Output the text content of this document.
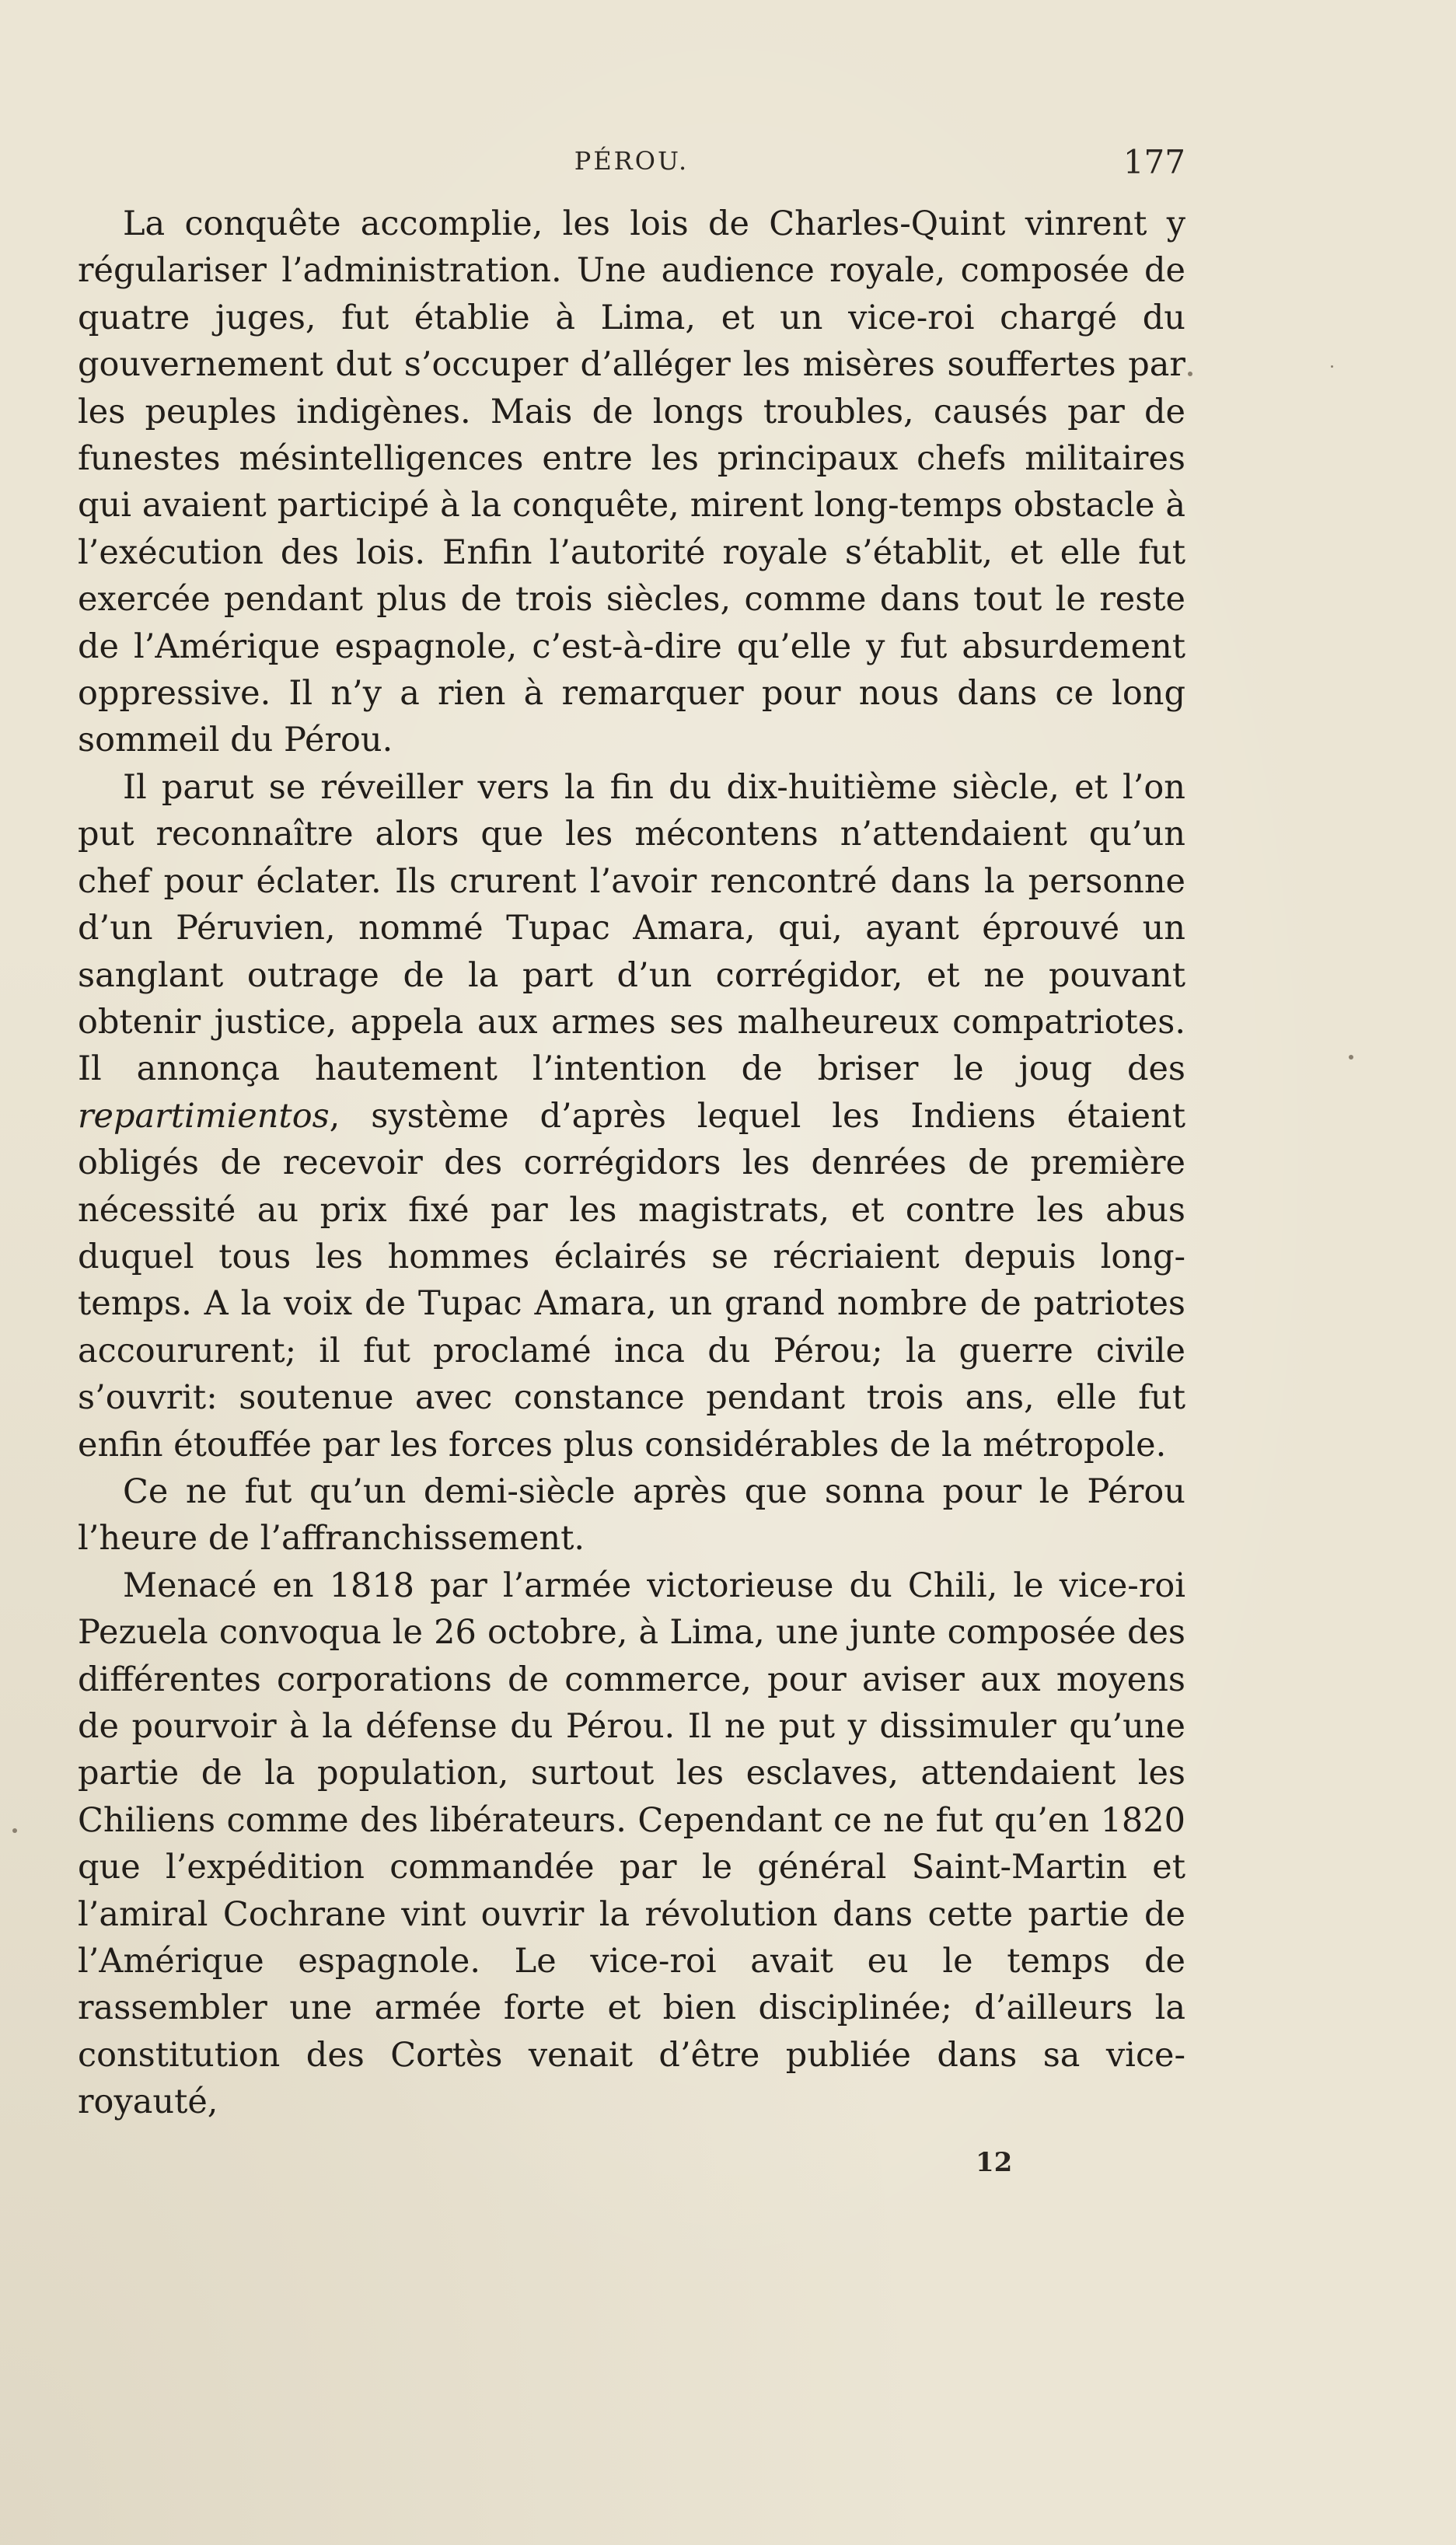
PÉROU.	177

La conquête accomplie, les lois de Charles-Quint vinrent y régulariser l’administration. Une audience royale, composée de quatre juges, fut établie à Lima, et un vice-roi chargé du gouvernement dut s’occuper d’alléger les misères souffertes par les peuples indigènes. Mais de longs troubles, causés par de funestes mésintelligences entre les principaux chefs militaires qui avaient participé à la conquête, mirent long-temps obstacle à l’exécution des lois. Enfin l’autorité royale s’établit, et elle fut exercée pendant plus de trois siècles, comme dans tout le reste de l’Amérique espagnole, c’est-à-dire qu’elle y fut absurdement oppressive. Il n’y a rien à remarquer pour nous dans ce long sommeil du Pérou.

Il parut se réveiller vers la fin du dix-huitième siècle, et l’on put reconnaître alors que les mécontens n’attendaient qu’un chef pour éclater. Ils crurent l’avoir rencontré dans la personne d’un Péruvien, nommé Tupac Amara, qui, ayant éprouvé un sanglant outrage de la part d’un corrégidor, et ne pouvant obtenir justice, appela aux armes ses malheureux compatriotes. Il annonça hautement l’intention de briser le joug des repartimientos, système d’après lequel les Indiens étaient obligés de recevoir des corrégidors les denrées de première nécessité au prix fixé par les magistrats, et contre les abus duquel tous les hommes éclairés se récriaient depuis long-temps. A la voix de Tupac Amara, un grand nombre de patriotes accoururent; il fut proclamé inca du Pérou; la guerre civile s’ouvrit: soutenue avec constance pendant trois ans, elle fut enfin étouffée par les forces plus considérables de la métropole.

Ce ne fut qu’un demi-siècle après que sonna pour le Pérou l’heure de l’affranchissement.

Menacé en 1818 par l’armée victorieuse du Chili, le vice-roi Pezuela convoqua le 26 octobre, à Lima, une junte composée des différentes corporations de commerce, pour aviser aux moyens de pourvoir à la défense du Pérou. Il ne put y dissimuler qu’une partie de la population, surtout les esclaves, attendaient les Chiliens comme des libérateurs. Cependant ce ne fut qu’en 1820 que l’expédition commandée par le général Saint-Martin et l’amiral Cochrane vint ouvrir la révolution dans cette partie de l’Amérique espagnole. Le vice-roi avait eu le temps de rassembler une armée forte et bien disciplinée; d’ailleurs la constitution des Cortès venait d’être publiée dans sa vice-royauté,

12
